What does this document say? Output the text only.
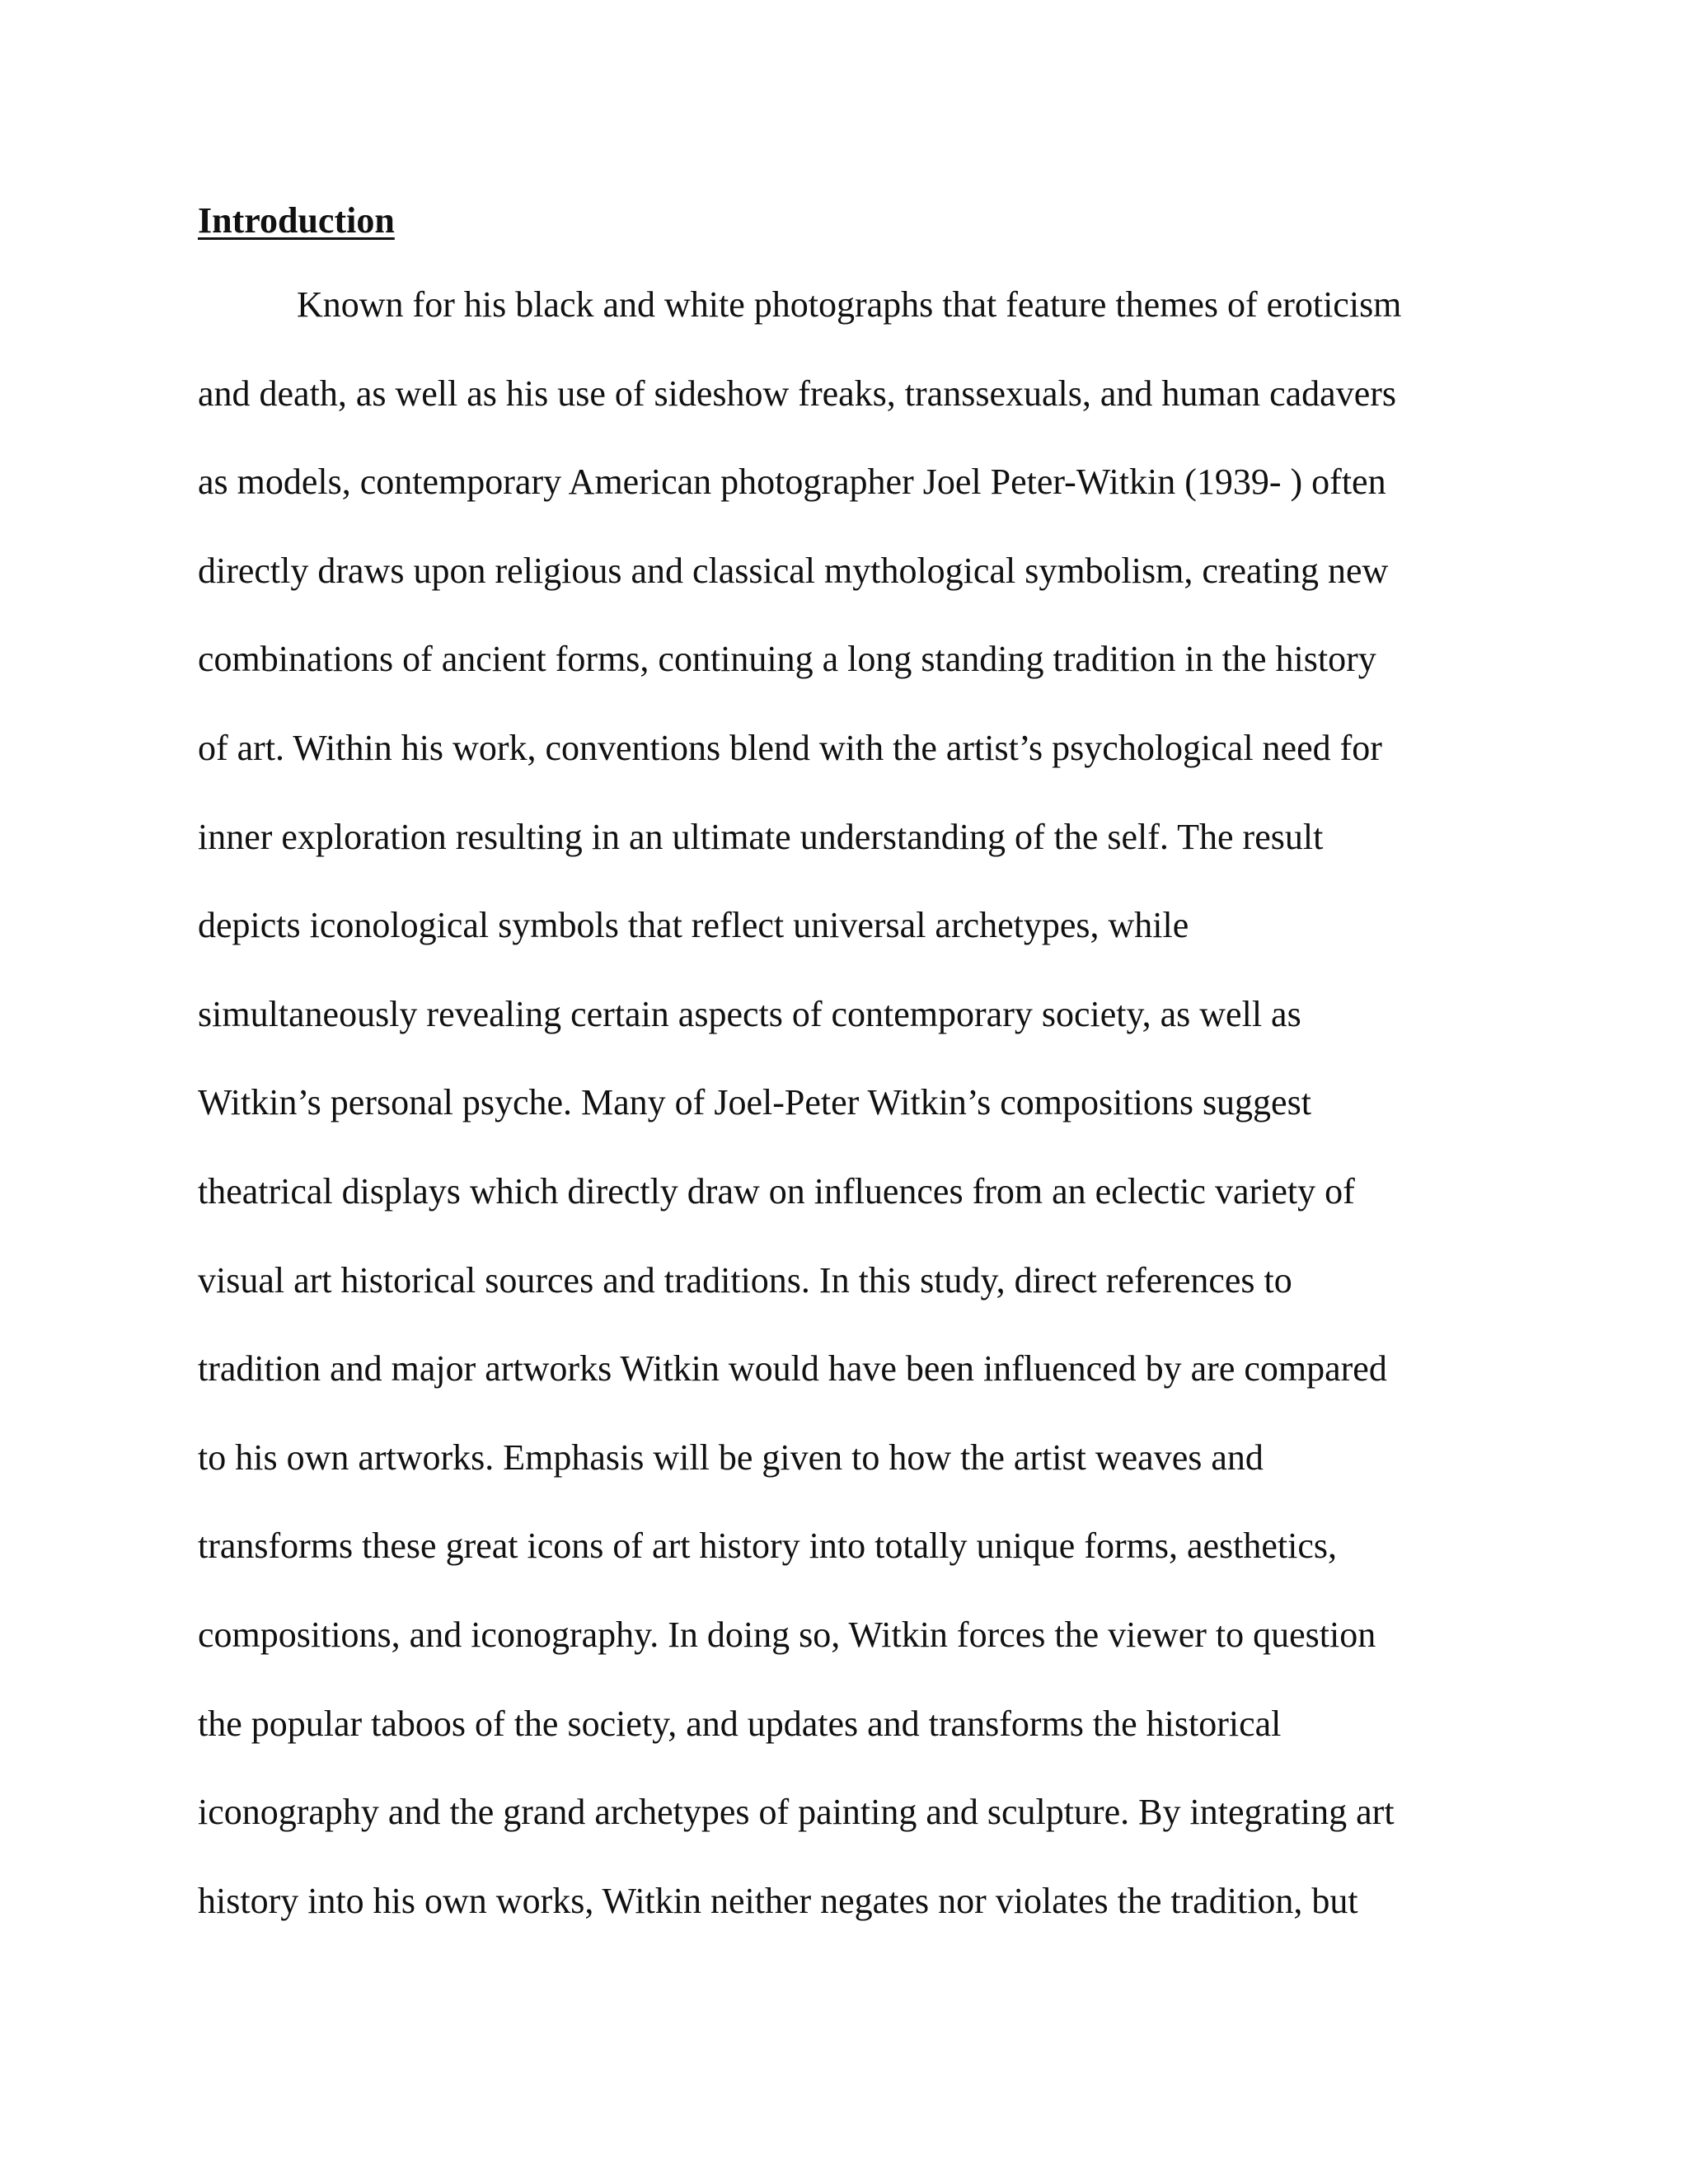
Introduction
Known for his black and white photographs that feature themes of eroticism
and death, as well as his use of sideshow freaks, transsexuals, and human cadavers
as models, contemporary American photographer Joel Peter-Witkin (1939- ) often
directly draws upon religious and classical mythological symbolism, creating new
combinations of ancient forms, continuing a long standing tradition in the history
of art. Within his work, conventions blend with the artist’s psychological need for
inner exploration resulting in an ultimate understanding of the self. The result
depicts iconological symbols that reflect universal archetypes, while
simultaneously revealing certain aspects of contemporary society, as well as
Witkin’s personal psyche. Many of Joel-Peter Witkin’s compositions suggest
theatrical displays which directly draw on influences from an eclectic variety of
visual art historical sources and traditions. In this study, direct references to
tradition and major artworks Witkin would have been influenced by are compared
to his own artworks. Emphasis will be given to how the artist weaves and
transforms these great icons of art history into totally unique forms, aesthetics,
compositions, and iconography. In doing so, Witkin forces the viewer to question
the popular taboos of the society, and updates and transforms the historical
iconography and the grand archetypes of painting and sculpture. By integrating art
history into his own works, Witkin neither negates nor violates the tradition, but
